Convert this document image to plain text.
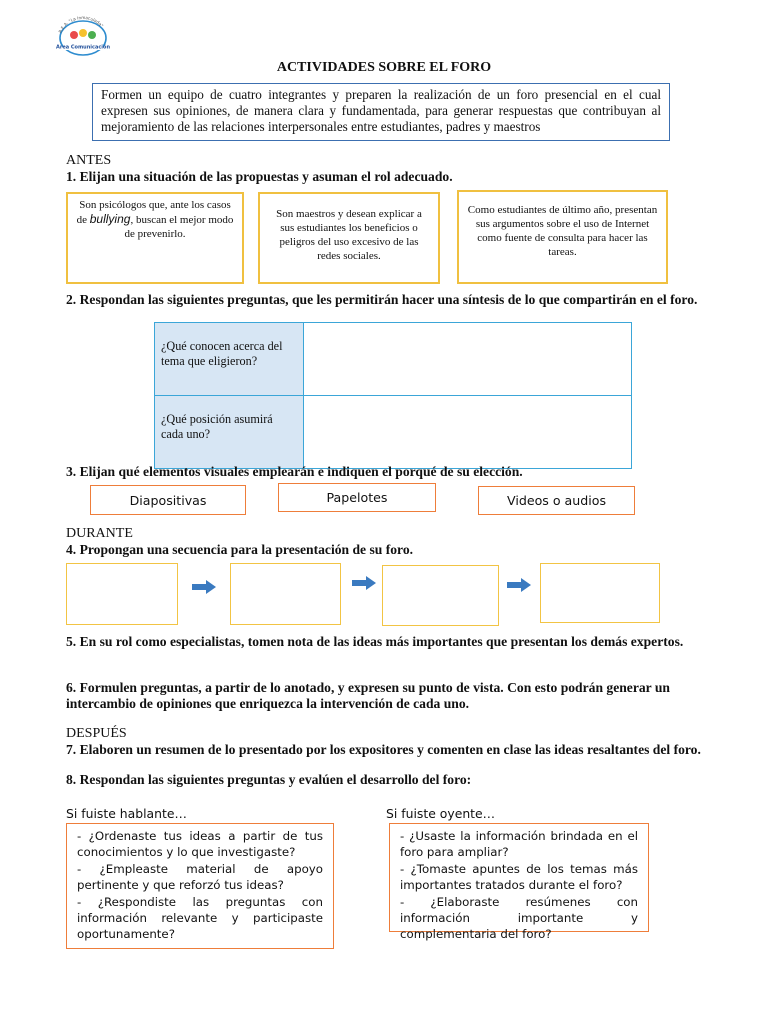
R.E.A. "La Inmaculada"
Area Comunicación
ACTIVIDADES SOBRE EL FORO
Formen un equipo de cuatro integrantes y preparen la realización de un foro presencial en el cual expresen sus opiniones, de manera clara y fundamentada, para generar respuestas que contribuyan al mejoramiento de las relaciones interpersonales entre estudiantes, padres y maestros
ANTES
1. Elijan una situación de las propuestas y asuman el rol adecuado.
Son psicólogos que, ante los casos de bullying, buscan el mejor modo de prevenirlo.
Son maestros y desean explicar a sus estudiantes los beneficios o peligros del uso excesivo de las redes sociales.
Como estudiantes de último año, presentan sus argumentos sobre el uso de Internet como fuente de consulta para hacer las tareas.
2. Respondan las siguientes preguntas, que les permitirán hacer una síntesis de lo que compartirán en el foro.
¿Qué conocen acerca del tema que eligieron?	
¿Qué posición asumirá cada uno?	
3. Elijan qué elementos visuales emplearán e indiquen el porqué de su elección.
Diapositivas	Papelotes	Videos o audios
DURANTE
4. Propongan una secuencia para la presentación de su foro.
5. En su rol como especialistas, tomen nota de las ideas más importantes que presentan los demás expertos.
6. Formulen preguntas, a partir de lo anotado, y expresen su punto de vista. Con esto podrán generar un intercambio de opiniones que enriquezca la intervención de cada uno.
DESPUÉS
7. Elaboren un resumen de lo presentado por los expositores y comenten en clase las ideas resaltantes del foro.
8. Respondan las siguientes preguntas y evalúen el desarrollo del foro:
Si fuiste hablante…
- ¿Ordenaste tus ideas a partir de tus conocimientos y lo que investigaste?
- ¿Empleaste material de apoyo pertinente y que reforzó tus ideas?
- ¿Respondiste las preguntas con información relevante y participaste oportunamente?
Si fuiste oyente…
- ¿Usaste la información brindada en el foro para ampliar?
- ¿Tomaste apuntes de los temas más importantes tratados durante el foro?
- ¿Elaboraste resúmenes con información importante y complementaria del foro?
